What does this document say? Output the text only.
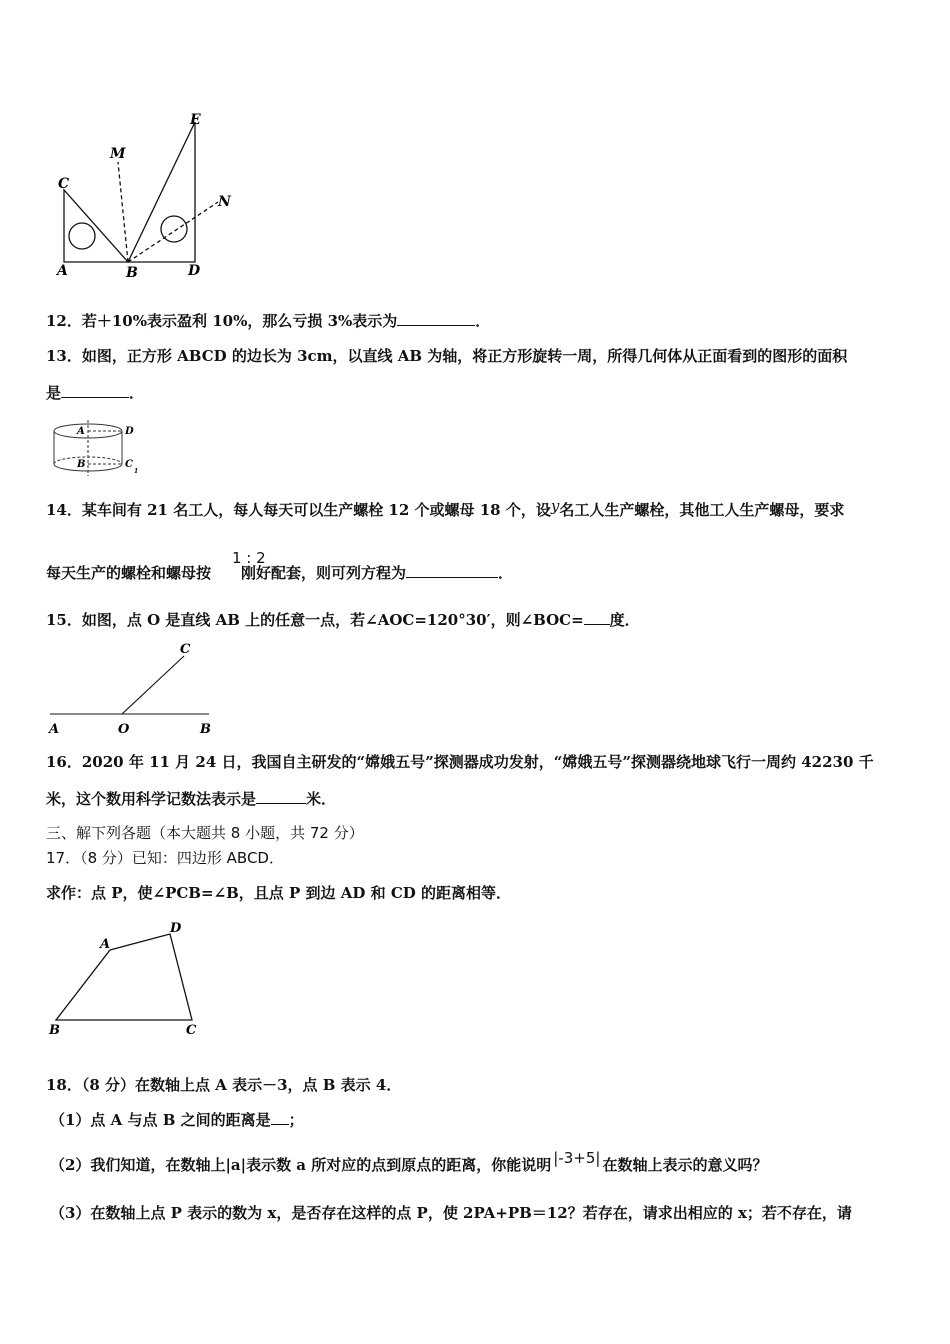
E
M
C
N
A	B	D
12．若＋10%表示盈利 10%，那么亏损 3%表示为	．
13．如图，正方形 ABCD 的边长为 3cm，以直线 AB 为轴，将正方形旋转一周，所得几何体从正面看到的图形的面积
是	．
A	D
B	C
1
14．某车间有 21 名工人，每人每天可以生产螺栓 12 个或螺母 18 个，设y名工人生产螺栓，其他工人生产螺母，要求
1 : 2
每天生产的螺栓和螺母按 刚好配套，则可列方程为	．
15．如图，点 O 是直线 AB 上的任意一点，若∠AOC=120°30′，则∠BOC= 度．
C
A	O	B
16．2020 年 11 月 24 日，我国自主研发的“嫦娥五号”探测器成功发射，“嫦娥五号”探测器绕地球飞行一周约 42230 千
米，这个数用科学记数法表示是	米．
三、解下列各题（本大题共 8 小题，共 72 分）
17．（8 分）已知：四边形 ABCD．
求作：点 P，使∠PCB=∠B，且点 P 到边 AD 和 CD 的距离相等．
A
D
B	C
18．（8 分）在数轴上点 A 表示－3，点 B 表示 4．
（1）点 A 与点 B 之间的距离是 ；
（2）我们知道，在数轴上|a|表示数 a 所对应的点到原点的距离，你能说明 |-3+5| 在数轴上表示的意义吗？
（3）在数轴上点 P 表示的数为 x，是否存在这样的点 P，使 2PA+PB＝12？若存在，请求出相应的 x；若不存在，请
